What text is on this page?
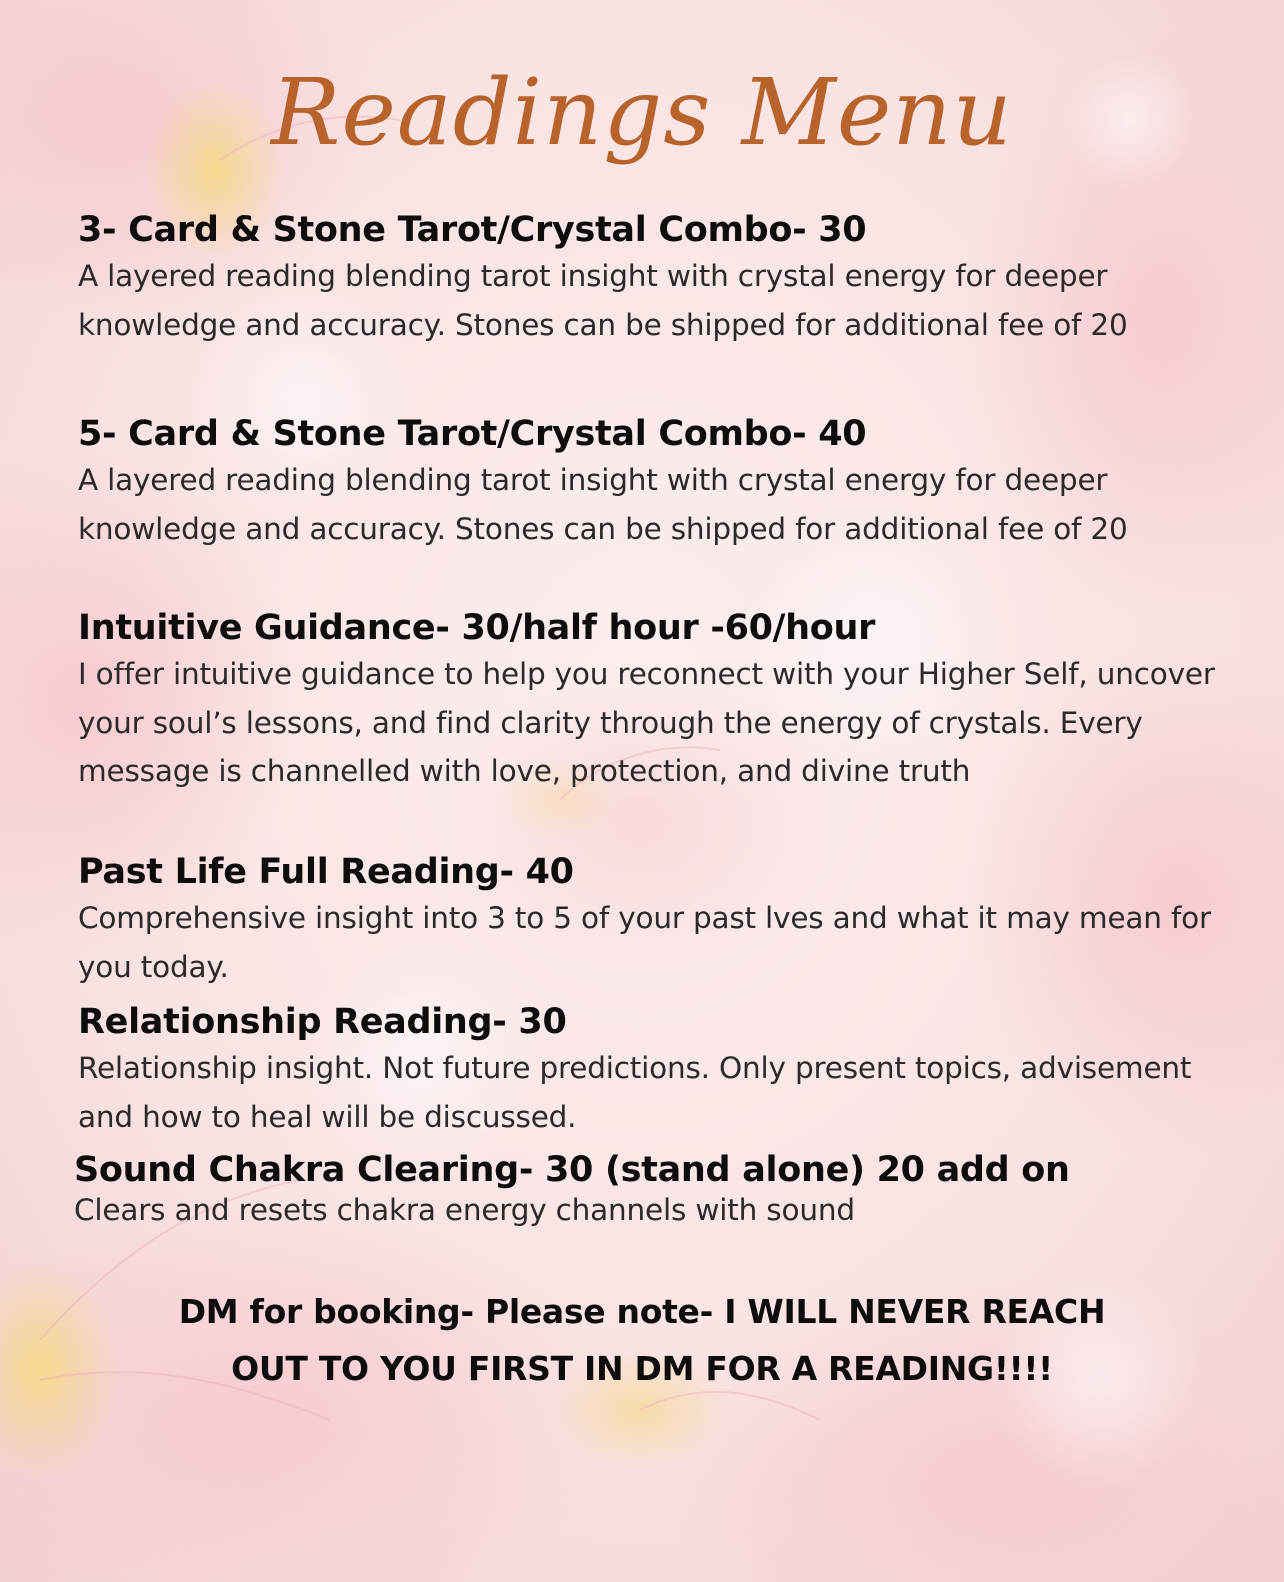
Readings Menu
3- Card & Stone Tarot/Crystal Combo- 30
A layered reading blending tarot insight with crystal energy for deeper knowledge and accuracy. Stones can be shipped for additional fee of 20
5- Card & Stone Tarot/Crystal Combo- 40
A layered reading blending tarot insight with crystal energy for deeper knowledge and accuracy. Stones can be shipped for additional fee of 20
Intuitive Guidance- 30/half hour -60/hour
I offer intuitive guidance to help you reconnect with your Higher Self, uncover your soul’s lessons, and find clarity through the energy of crystals. Every message is channelled with love, protection, and divine truth
Past Life Full Reading- 40
Comprehensive insight into 3 to 5 of your past lves and what it may mean for you today.
Relationship Reading- 30
Relationship insight. Not future predictions. Only present topics, advisement and how to heal will be discussed.
Sound Chakra Clearing- 30 (stand alone) 20 add on
Clears and resets chakra energy channels with sound
DM for booking- Please note- I WILL NEVER REACH
OUT TO YOU FIRST IN DM FOR A READING!!!!
